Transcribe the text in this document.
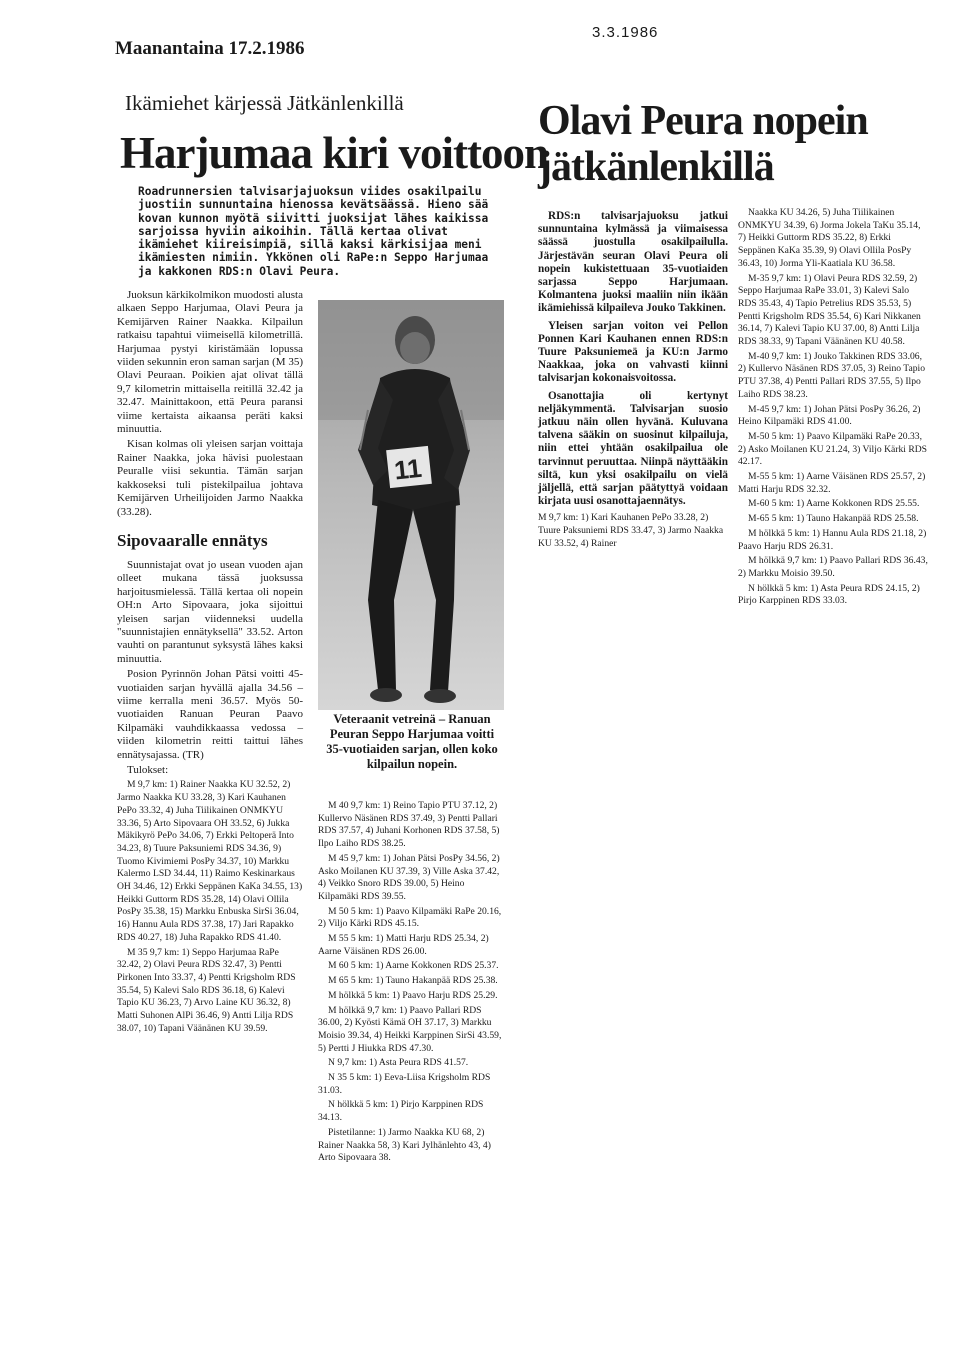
Maanantaina 17.2.1986
Ikämiehet kärjessä Jätkänlenkillä
Harjumaa kiri voittoon
Roadrunnersien talvisarjajuoksun viides osakilpailu juostiin sunnuntaina hienossa kevätsäässä. Hieno sää kovan kunnon myötä siivitti juoksijat lähes kaikissa sarjoissa hyviin aikoihin. Tällä kertaa olivat ikämiehet kiireisimpiä, sillä kaksi kärkisijaa meni ikämiesten nimiin. Ykkönen oli RaPe:n Seppo Harjumaa ja kakkonen RDS:n Olavi Peura.

Juoksun kärkikolmikon muodosti alusta alkaen Seppo Harjumaa, Olavi Peura ja Kemijärven Rainer Naakka. Kilpailun ratkaisu tapahtui viimeisellä kilometrillä. Harjumaa pystyi kiristämään lopussa viiden sekunnin eron saman sarjan (M 35) Olavi Peuraan. Poikien ajat olivat tällä 9,7 kilometrin mittaisella reitillä 32.42 ja 32.47. Mainittakoon, että Peura paransi viime kertaista aikaansa peräti kaksi minuuttia.

Kisan kolmas oli yleisen sarjan voittaja Rainer Naakka, joka hävisi puolestaan Peuralle viisi sekuntia. Tämän sarjan kakkoseksi tuli pistekilpailua johtava Kemijärven Urheilijoiden Jarmo Naakka (33.28).

Sipovaaralle ennätys

Suunnistajat ovat jo usean vuoden ajan olleet mukana tässä juoksussa harjoitusmielessä. Tällä kertaa oli nopein OH:n Arto Sipovaara, joka sijoittui yleisen sarjan viidenneksi uudella "suunnistajien ennätyksellä" 33.52. Arton vauhti on parantunut syksystä lähes kaksi minuuttia.

Posion Pyrinnön Johan Pätsi voitti 45-vuotiaiden sarjan hyvällä ajalla 34.56 – viime kerralla meni 36.57. Myös 50-vuotiaiden Ranuan Peuran Paavo Kilpamäki vauhdikkaassa vedossa – viiden kilometrin reitti taittui lähes ennätysajassa. (TR)

Tulokset:

M 9,7 km: 1) Rainer Naakka KU 32.52, 2) Jarmo Naakka KU 33.28, 3) Kari Kauhanen PePo 33.32, 4) Juha Tiilikainen ONMKYU 33.36, 5) Arto Sipovaara OH 33.52, 6) Jukka Mäkikyrö PePo 34.06, 7) Erkki Peltoperä Into 34.23, 8) Tuure Paksuniemi RDS 34.36, 9) Tuomo Kivimiemi PosPy 34.37, 10) Markku Kalermo LSD 34.44, 11) Raimo Keskinarkaus OH 34.46, 12) Erkki Seppänen KaKa 34.55, 13) Heikki Guttorm RDS 35.28, 14) Olavi Ollila PosPy 35.38, 15) Markku Enbuska SirSi 36.04, 16) Hannu Aula RDS 37.38, 17) Jari Rapakko RDS 40.27, 18) Juha Rapakko RDS 41.40.

M 35 9,7 km: 1) Seppo Harjumaa RaPe 32.42, 2) Olavi Peura RDS 32.47, 3) Pentti Pirkonen Into 33.37, 4) Pentti Krigsholm RDS 35.54, 5) Kalevi Salo RDS 36.18, 6) Kalevi Tapio KU 36.23, 7) Arvo Laine KU 36.32, 8) Matti Suhonen AlPi 36.46, 9) Antti Lilja RDS 38.07, 10) Tapani Väänänen KU 39.59.

11
Veteraanit vetreinä – Ranuan Peuran Seppo Harjumaa voitti 35-vuotiaiden sarjan, ollen koko kilpailun nopein.

M 40 9,7 km: 1) Reino Tapio PTU 37.12, 2) Kullervo Näsänen RDS 37.49, 3) Pentti Pallari RDS 37.57, 4) Juhani Korhonen RDS 37.58, 5) Ilpo Laiho RDS 38.25.

M 45 9,7 km: 1) Johan Pätsi PosPy 34.56, 2) Asko Moilanen KU 37.39, 3) Ville Aska 37.42, 4) Veikko Snoro RDS 39.00, 5) Heino Kilpamäki RDS 39.55.

M 50 5 km: 1) Paavo Kilpamäki RaPe 20.16, 2) Viljo Kärki RDS 45.15.

M 55 5 km: 1) Matti Harju RDS 25.34, 2) Aarne Väisänen RDS 26.00.

M 60 5 km: 1) Aarne Kokkonen RDS 25.37.

M 65 5 km: 1) Tauno Hakanpää RDS 25.38.

M hölkkä 5 km: 1) Paavo Harju RDS 25.29.

M hölkkä 9,7 km: 1) Paavo Pallari RDS 36.00, 2) Kyösti Kämä OH 37.17, 3) Markku Moisio 39.34, 4) Heikki Karppinen SirSi 43.59, 5) Pertti J Hiukka RDS 47.30.

N 9,7 km: 1) Asta Peura RDS 41.57.

N 35 5 km: 1) Eeva-Liisa Krigsholm RDS 31.03.

N hölkkä 5 km: 1) Pirjo Karppinen RDS 34.13.

Pistetilanne: 1) Jarmo Naakka KU 68, 2) Rainer Naakka 58, 3) Kari Jylhänlehto 43, 4) Arto Sipovaara 38.

3.3.1986
Olavi Peura nopein jätkänlenkillä

RDS:n talvisarjajuoksu jatkui sunnuntaina kylmässä ja viimaisessa säässä juostulla osakilpailulla. Järjestävän seuran Olavi Peura oli nopein kukistettuaan 35-vuotiaiden sarjassa Seppo Harjumaan. Kolmantena juoksi maaliin niin ikään ikämiehissä kilpaileva Jouko Takkinen.

Yleisen sarjan voiton vei Pellon Ponnen Kari Kauhanen ennen RDS:n Tuure Paksuniemeä ja KU:n Jarmo Naakkaa, joka on vahvasti kiinni talvisarjan kokonaisvoitossa.

Osanottajia oli kertynyt neljäkymmentä. Talvisarjan suosio jatkuu näin ollen hyvänä. Kuluvana talvena sääkin on suosinut kilpailuja, niin ettei yhtään osakilpailua ole tarvinnut peruuttaa. Niinpä näyttääkin siltä, kun yksi osakilpailu on vielä jäljellä, että sarjan päätyttyä voidaan kirjata uusi osanottajaennätys.

M 9,7 km: 1) Kari Kauhanen PePo 33.28, 2) Tuure Paksuniemi RDS 33.47, 3) Jarmo Naakka KU 33.52, 4) Rainer

Naakka KU 34.26, 5) Juha Tiilikainen ONMKYU 34.39, 6) Jorma Jokela TaKu 35.14, 7) Heikki Guttorm RDS 35.22, 8) Erkki Seppänen KaKa 35.39, 9) Olavi Ollila PosPy 36.43, 10) Jorma Yli-Kaatiala KU 36.58.

M-35 9,7 km: 1) Olavi Peura RDS 32.59, 2) Seppo Harjumaa RaPe 33.01, 3) Kalevi Salo RDS 35.43, 4) Tapio Petrelius RDS 35.53, 5) Pentti Krigsholm RDS 35.54, 6) Kari Nikkanen 36.14, 7) Kalevi Tapio KU 37.00, 8) Antti Lilja RDS 38.33, 9) Tapani Väänänen KU 40.58.

M-40 9,7 km: 1) Jouko Takkinen RDS 33.06, 2) Kullervo Näsänen RDS 37.05, 3) Reino Tapio PTU 37.38, 4) Pentti Pallari RDS 37.55, 5) Ilpo Laiho RDS 38.23.

M-45 9,7 km: 1) Johan Pätsi PosPy 36.26, 2) Heino Kilpamäki RDS 41.00.

M-50 5 km: 1) Paavo Kilpamäki RaPe 20.33, 2) Asko Moilanen KU 21.24, 3) Viljo Kärki RDS 42.17.

M-55 5 km: 1) Aarne Väisänen RDS 25.57, 2) Matti Harju RDS 32.32.

M-60 5 km: 1) Aarne Kokkonen RDS 25.55.

M-65 5 km: 1) Tauno Hakanpää RDS 25.58.

M hölkkä 5 km: 1) Hannu Aula RDS 21.18, 2) Paavo Harju RDS 26.31.

M hölkkä 9,7 km: 1) Paavo Pallari RDS 36.43, 2) Markku Moisio 39.50.

N hölkkä 5 km: 1) Asta Peura RDS 24.15, 2) Pirjo Karppinen RDS 33.03.
